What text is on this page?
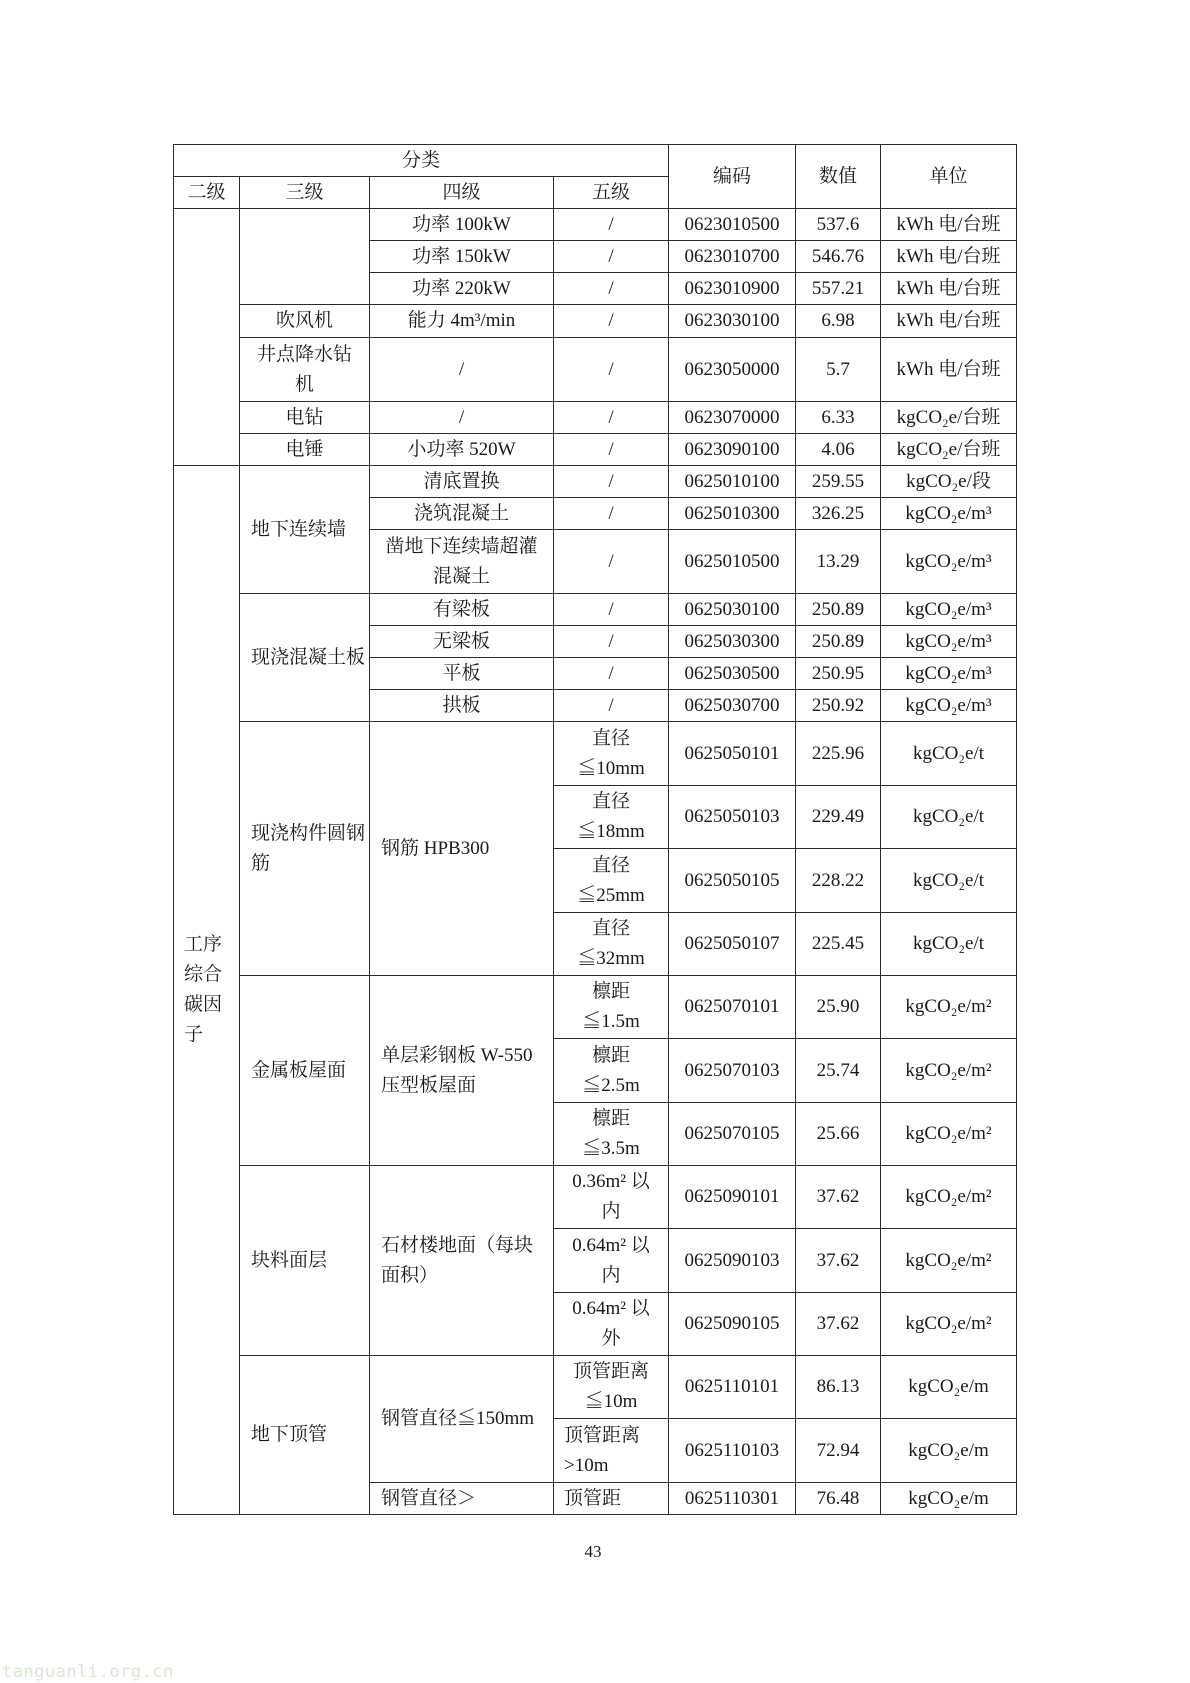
分类				编码	数值	单位
二级	三级	四级	五级			
		功率 100kW	/	0623010500	537.6	kWh 电/台班
		功率 150kW	/	0623010700	546.76	kWh 电/台班
		功率 220kW	/	0623010900	557.21	kWh 电/台班
	吹风机	能力 4m³/min	/	0623030100	6.98	kWh 电/台班
	井点降水钻机	/	/	0623050000	5.7	kWh 电/台班
	电钻	/	/	0623070000	6.33	kgCO₂e/台班
	电锤	小功率 520W	/	0623090100	4.06	kgCO₂e/台班
工序综合碳因子	地下连续墙	清底置换	/	0625010100	259.55	kgCO₂e/段
		浇筑混凝土	/	0625010300	326.25	kgCO₂e/m³
		凿地下连续墙超灌混凝土	/	0625010500	13.29	kgCO₂e/m³
	现浇混凝土板	有梁板	/	0625030100	250.89	kgCO₂e/m³
		无梁板	/	0625030300	250.89	kgCO₂e/m³
		平板	/	0625030500	250.95	kgCO₂e/m³
		拱板	/	0625030700	250.92	kgCO₂e/m³
	现浇构件圆钢筋	钢筋 HPB300	直径≦10mm	0625050101	225.96	kgCO₂e/t
			直径≦18mm	0625050103	229.49	kgCO₂e/t
			直径≦25mm	0625050105	228.22	kgCO₂e/t
			直径≦32mm	0625050107	225.45	kgCO₂e/t
	金属板屋面	单层彩钢板 W-550 压型板屋面	檩距≦1.5m	0625070101	25.90	kgCO₂e/m²
			檩距≦2.5m	0625070103	25.74	kgCO₂e/m²
			檩距≦3.5m	0625070105	25.66	kgCO₂e/m²
	块料面层	石材楼地面（每块面积）	0.36m² 以内	0625090101	37.62	kgCO₂e/m²
			0.64m² 以内	0625090103	37.62	kgCO₂e/m²
			0.64m² 以外	0625090105	37.62	kgCO₂e/m²
	地下顶管	钢管直径≦150mm	顶管距离≦10m	0625110101	86.13	kgCO₂e/m
			顶管距离>10m	0625110103	72.94	kgCO₂e/m
		钢管直径＞	顶管距	0625110301	76.48	kgCO₂e/m
43
tanguanli.org.cn
